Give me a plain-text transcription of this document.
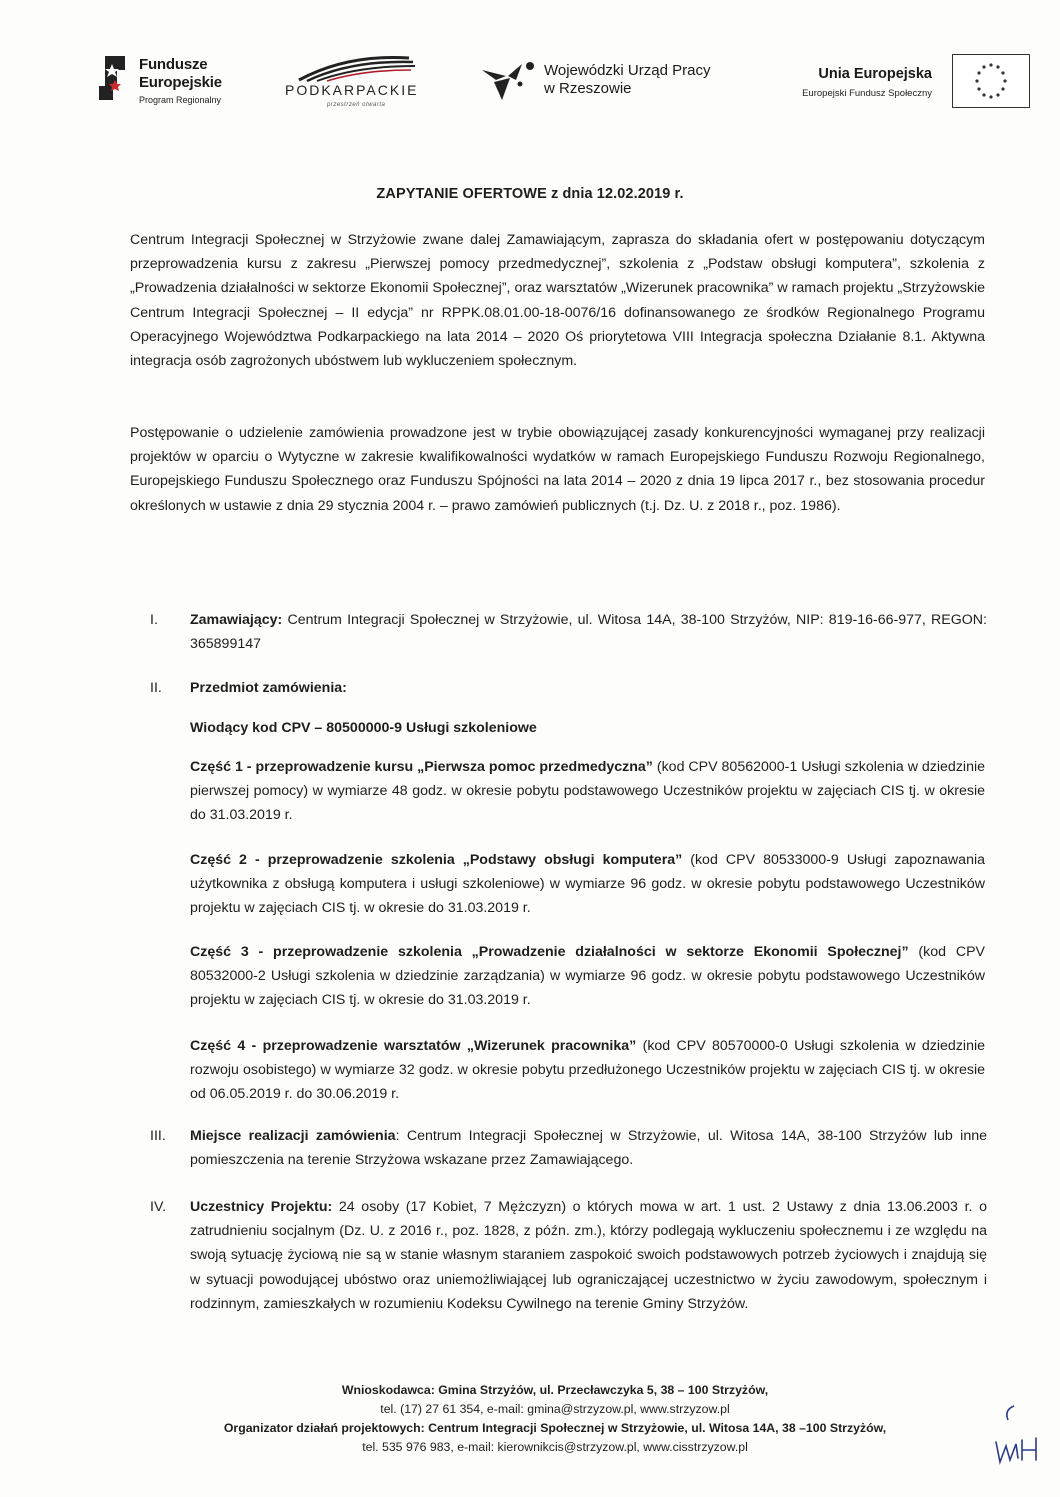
Fundusze
Europejskie
Program Regionalny
PODKARPACKIE
przestrzeń otwarta
Wojewódzki Urząd Pracy
w Rzeszowie
Unia Europejska
Europejski Fundusz Społeczny
ZAPYTANIE OFERTOWE z dnia 12.02.2019 r.
Centrum Integracji Społecznej w Strzyżowie zwane dalej Zamawiającym, zaprasza do składania ofert w postępowaniu dotyczącym przeprowadzenia kursu z zakresu „Pierwszej pomocy przedmedycznej”, szkolenia z „Podstaw obsługi komputera”, szkolenia z „Prowadzenia działalności w sektorze Ekonomii Społecznej”, oraz warsztatów „Wizerunek pracownika” w ramach projektu „Strzyżowskie Centrum Integracji Społecznej – II edycja” nr RPPK.08.01.00-18-0076/16 dofinansowanego ze środków Regionalnego Programu Operacyjnego Województwa Podkarpackiego na lata 2014 – 2020 Oś priorytetowa VIII Integracja społeczna Działanie 8.1. Aktywna integracja osób zagrożonych ubóstwem lub wykluczeniem społecznym.
Postępowanie o udzielenie zamówienia prowadzone jest w trybie obowiązującej zasady konkurencyjności wymaganej przy realizacji projektów w oparciu o Wytyczne w zakresie kwalifikowalności wydatków w ramach Europejskiego Funduszu Rozwoju Regionalnego, Europejskiego Funduszu Społecznego oraz Funduszu Spójności na lata 2014 – 2020 z dnia 19 lipca 2017 r., bez stosowania procedur określonych w ustawie z dnia 29 stycznia 2004 r. – prawo zamówień publicznych (t.j. Dz. U. z 2018 r., poz. 1986).
I.	Zamawiający: Centrum Integracji Społecznej w Strzyżowie, ul. Witosa 14A, 38-100 Strzyżów, NIP: 819-16-66-977, REGON: 365899147
II.	Przedmiot zamówienia:
Wiodący kod CPV – 80500000-9 Usługi szkoleniowe
Część 1 - przeprowadzenie kursu „Pierwsza pomoc przedmedyczna” (kod CPV 80562000-1 Usługi szkolenia w dziedzinie pierwszej pomocy) w wymiarze 48 godz. w okresie pobytu podstawowego Uczestników projektu w zajęciach CIS tj. w okresie do 31.03.2019 r.
Część 2 - przeprowadzenie szkolenia „Podstawy obsługi komputera” (kod CPV 80533000-9 Usługi zapoznawania użytkownika z obsługą komputera i usługi szkoleniowe) w wymiarze 96 godz. w okresie pobytu podstawowego Uczestników projektu w zajęciach CIS tj. w okresie do 31.03.2019 r.
Część 3 - przeprowadzenie szkolenia „Prowadzenie działalności w sektorze Ekonomii Społecznej” (kod CPV 80532000-2 Usługi szkolenia w dziedzinie zarządzania) w wymiarze 96 godz. w okresie pobytu podstawowego Uczestników projektu w zajęciach CIS tj. w okresie do 31.03.2019 r.
Część 4 - przeprowadzenie warsztatów „Wizerunek pracownika” (kod CPV 80570000-0 Usługi szkolenia w dziedzinie rozwoju osobistego) w wymiarze 32 godz. w okresie pobytu przedłużonego Uczestników projektu w zajęciach CIS tj. w okresie od 06.05.2019 r. do 30.06.2019 r.
III.	Miejsce realizacji zamówienia: Centrum Integracji Społecznej w Strzyżowie, ul. Witosa 14A, 38-100 Strzyżów lub inne pomieszczenia na terenie Strzyżowa wskazane przez Zamawiającego.
IV.	Uczestnicy Projektu: 24 osoby (17 Kobiet, 7 Mężczyzn) o których mowa w art. 1 ust. 2 Ustawy z dnia 13.06.2003 r. o zatrudnieniu socjalnym (Dz. U. z 2016 r., poz. 1828, z późn. zm.), którzy podlegają wykluczeniu społecznemu i ze względu na swoją sytuację życiową nie są w stanie własnym staraniem zaspokoić swoich podstawowych potrzeb życiowych i znajdują się w sytuacji powodującej ubóstwo oraz uniemożliwiającej lub ograniczającej uczestnictwo w życiu zawodowym, społecznym i rodzinnym, zamieszkałych w rozumieniu Kodeksu Cywilnego na terenie Gminy Strzyżów.
Wnioskodawca: Gmina Strzyżów, ul. Przecławczyka 5, 38 – 100 Strzyżów,
tel. (17) 27 61 354, e-mail: gmina@strzyzow.pl, www.strzyzow.pl
Organizator działań projektowych: Centrum Integracji Społecznej w Strzyżowie, ul. Witosa 14A, 38 –100 Strzyżów,
tel. 535 976 983, e-mail: kierownikcis@strzyzow.pl, www.cisstrzyzow.pl
